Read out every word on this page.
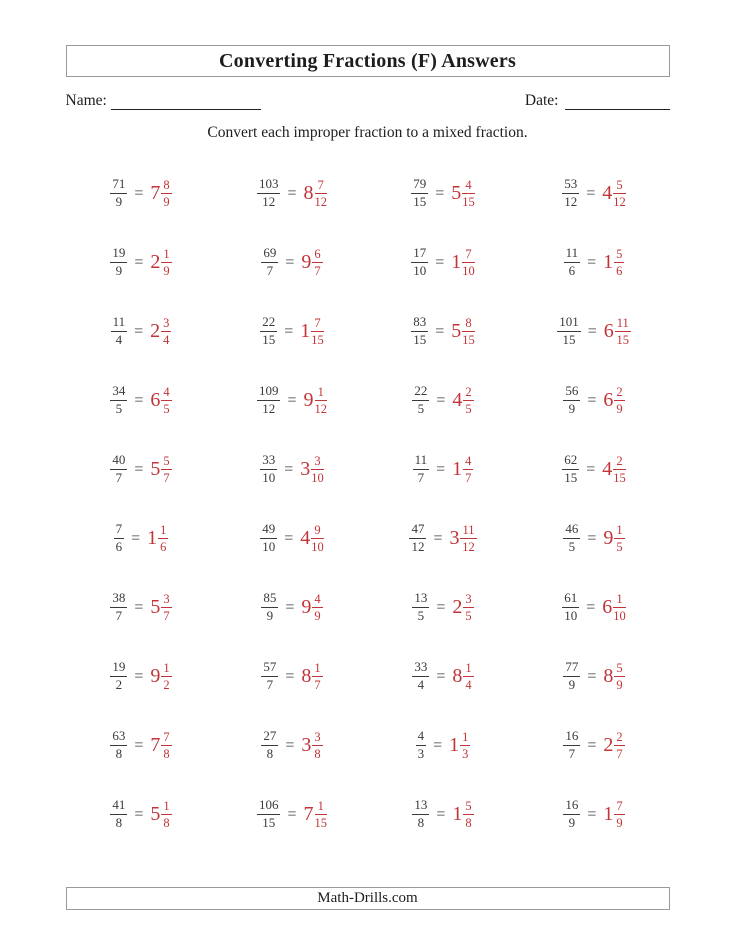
Converting Fractions (F) Answers
Name:	Date:

Convert each improper fraction to a mixed fraction.

$\frac{71}{9} = 7 \frac{8}{9}$	$\frac{103}{12} = 8 \frac{7}{12}$	$\frac{79}{15} = 5 \frac{4}{15}$	$\frac{53}{12} = 4 \frac{5}{12}$
$\frac{19}{9} = 2 \frac{1}{9}$	$\frac{69}{7} = 9 \frac{6}{7}$	$\frac{17}{10} = 1 \frac{7}{10}$	$\frac{11}{6} = 1 \frac{5}{6}$
$\frac{11}{4} = 2 \frac{3}{4}$	$\frac{22}{15} = 1 \frac{7}{15}$	$\frac{83}{15} = 5 \frac{8}{15}$	$\frac{101}{15} = 6 \frac{11}{15}$
$\frac{34}{5} = 6 \frac{4}{5}$	$\frac{109}{12} = 9 \frac{1}{12}$	$\frac{22}{5} = 4 \frac{2}{5}$	$\frac{56}{9} = 6 \frac{2}{9}$
$\frac{40}{7} = 5 \frac{5}{7}$	$\frac{33}{10} = 3 \frac{3}{10}$	$\frac{11}{7} = 1 \frac{4}{7}$	$\frac{62}{15} = 4 \frac{2}{15}$
$\frac{7}{6} = 1 \frac{1}{6}$	$\frac{49}{10} = 4 \frac{9}{10}$	$\frac{47}{12} = 3 \frac{11}{12}$	$\frac{46}{5} = 9 \frac{1}{5}$
$\frac{38}{7} = 5 \frac{3}{7}$	$\frac{85}{9} = 9 \frac{4}{9}$	$\frac{13}{5} = 2 \frac{3}{5}$	$\frac{61}{10} = 6 \frac{1}{10}$
$\frac{19}{2} = 9 \frac{1}{2}$	$\frac{57}{7} = 8 \frac{1}{7}$	$\frac{33}{4} = 8 \frac{1}{4}$	$\frac{77}{9} = 8 \frac{5}{9}$
$\frac{63}{8} = 7 \frac{7}{8}$	$\frac{27}{8} = 3 \frac{3}{8}$	$\frac{4}{3} = 1 \frac{1}{3}$	$\frac{16}{7} = 2 \frac{2}{7}$
$\frac{41}{8} = 5 \frac{1}{8}$	$\frac{106}{15} = 7 \frac{1}{15}$	$\frac{13}{8} = 1 \frac{5}{8}$	$\frac{16}{9} = 1 \frac{7}{9}$
Math-Drills.com
